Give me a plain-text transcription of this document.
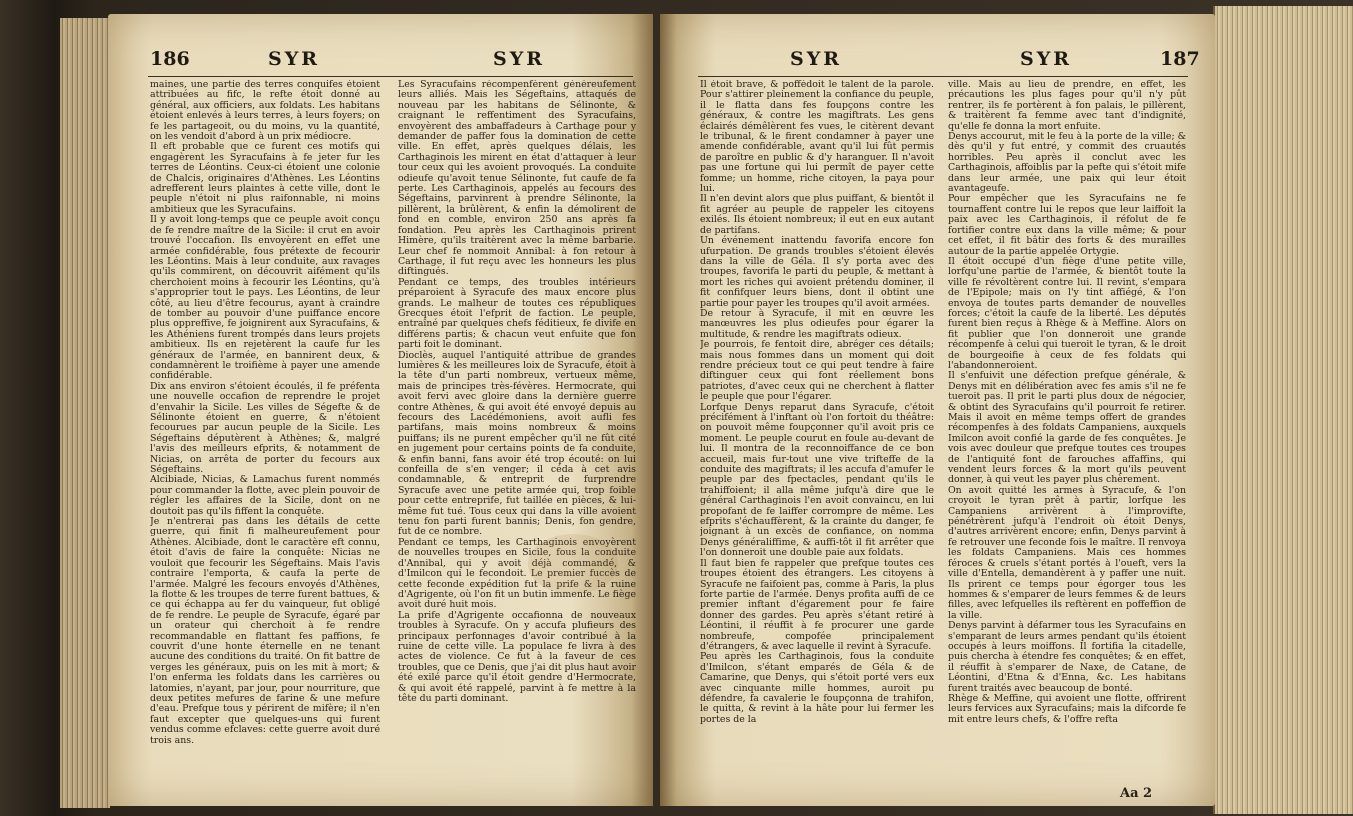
186	SYR	SYR
maines, une partie des terres conquifes étoient attribuées au fifc, le refte étoit donné au général, aux officiers, aux foldats. Les habitans étoient enlevés à leurs terres, à leurs foyers; on fe les partageoit, ou du moins, vu la quantité, on les vendoit d'abord à un prix médiocre.
Il eft probable que ce furent ces motifs qui engagèrent les Syracufains à fe jeter fur les terres de Léontins. Ceux-ci étoient une colonie de Chalcis, originaires d'Athènes. Les Léontins adrefferent leurs plaintes à cette ville, dont le peuple n'étoit ni plus raifonnable, ni moins ambitieux que les Syracufains.
Il y avoit long-temps que ce peuple avoit conçu de fe rendre maître de la Sicile: il crut en avoir trouvé l'occafion. Ils envoyèrent en effet une armée confidérable, fous prétexte de fecourir les Léontins. Mais à leur conduite, aux ravages qu'ils commirent, on découvrit aifément qu'ils cherchoient moins à fecourir les Léontins, qu'à s'approprier tout le pays. Les Léontins, de leur côté, au lieu d'être fecourus, ayant à craindre de tomber au pouvoir d'une puiffance encore plus oppreffive, fe joignirent aux Syracufains, & les Athéniens furent trompés dans leurs projets ambitieux. Ils en rejetèrent la caufe fur les généraux de l'armée, en bannirent deux, & condamnèrent le troifième à payer une amende confidérable.
Dix ans environ s'étoient écoulés, il fe préfenta une nouvelle occafion de reprendre le projet d'envahir la Sicile. Les villes de Ségefte & de Sélinonte étoient en guerre, & n'étoient fecourues par aucun peuple de la Sicile. Les Ségeftains députèrent à Athènes; &, malgré l'avis des meilleurs efprits, & notamment de Nicias, on arrêta de porter du fecours aux Ségeftains.
Alcibiade, Nicias, & Lamachus furent nommés pour commander la flotte, avec plein pouvoir de régler les affaires de la Sicile, dont on ne doutoit pas qu'ils fiffent la conquête.
Je n'entrerai pas dans les détails de cette guerre, qui finit fi malheureufement pour Athènes. Alcibiade, dont le caractère eft connu, étoit d'avis de faire la conquête: Nicias ne vouloit que fecourir les Ségeftains. Mais l'avis contraire l'emporta, & caufa la perte de l'armée. Malgré les fecours envoyés d'Athènes, la flotte & les troupes de terre furent battues, & ce qui échappa au fer du vainqueur, fut obligé de fe rendre. Le peuple de Syracufe, égaré par un orateur qui cherchoit à fe rendre recommandable en flattant fes paffions, fe couvrit d'une honte éternelle en ne tenant aucune des conditions du traité. On fit battre de verges les généraux, puis on les mit à mort; & l'on enferma les foldats dans les carrières ou latomies, n'ayant, par jour, pour nourriture, que deux petites mefures de farine & une mefure d'eau. Prefque tous y périrent de mifère; il n'en faut excepter que quelques-uns qui furent vendus comme efclaves: cette guerre avoit duré trois ans.
Les Syracufains récompenfèrent généreufement leurs alliés. Mais les Ségeftains, attaqués de nouveau par les habitans de Sélinonte, & craignant le reffentiment des Syracufains, envoyèrent des ambaffadeurs à Carthage pour y demander de paffer fous la domination de cette ville. En effet, après quelques délais, les Carthaginois les mirent en état d'attaquer à leur tour ceux qui les avoient provoqués. La conduite odieufe qu'avoit tenue Sélinonte, fut caufe de fa perte. Les Carthaginois, appelés au fecours des Ségeftains, parvinrent à prendre Sélinonte, la pillèrent, la brûlèrent, & enfin la démolirent de fond en comble, environ 250 ans après fa fondation. Peu après les Carthaginois prirent Himère, qu'ils traitèrent avec la même barbarie. Leur chef fe nommoit Annibal: à fon retour à Carthage, il fut reçu avec les honneurs les plus diftingués.
Pendant ce temps, des troubles intérieurs préparoient à Syracufe des maux encore plus grands. Le malheur de toutes ces républiques Grecques étoit l'efprit de faction. Le peuple, entraîné par quelques chefs féditieux, fe divife en différens partis; & chacun veut enfuite que fon parti foit le dominant.
Dioclès, auquel l'antiquité attribue de grandes lumières & les meilleures loix de Syracufe, étoit à la tête d'un parti nombreux, vertueux même, mais de principes très-févères. Hermocrate, qui avoit fervi avec gloire dans la dernière guerre contre Athènes, & qui avoit été envoyé depuis au fecours des Lacédémoniens, avoit aufli fes partifans, mais moins nombreux & moins puiffans; ils ne purent empêcher qu'il ne fût cité en jugement pour certains points de fa conduite, & enfin banni, fans avoir été trop écouté: on lui confeilla de s'en venger; il céda à cet avis condamnable, & entreprit de furprendre Syracufe avec une petite armée qui, trop foible pour cette entreprife, fut taillée en pièces, & lui-même fut tué. Tous ceux qui dans la ville avoient tenu fon parti furent bannis; Denis, fon gendre, fut de ce nombre.
Pendant ce temps, les Carthaginois envoyèrent de nouvelles troupes en Sicile, fous la conduite d'Annibal, qui y avoit déjà commandé, & d'Imilcon qui le fecondoit. Le premier fuccès de cette feconde expédition fut la prife & la ruine d'Agrigente, où l'on fit un butin immenfe. Le fiège avoit duré huit mois.
La prife d'Agrigente occafionna de nouveaux troubles à Syracufe. On y accufa plufieurs des principaux perfonnages d'avoir contribué à la ruine de cette ville. La populace fe livra à des actes de violence. Ce fut à la faveur de ces troubles, que ce Denis, que j'ai dit plus haut avoir été exilé parce qu'il étoit gendre d'Hermocrate, & qui avoit été rappelé, parvint à fe mettre à la tête du parti dominant.
SYR	SYR	187
Il étoit brave, & poffédoit le talent de la parole. Pour s'attirer pleinement la confiance du peuple, il le flatta dans fes foupçons contre les généraux, & contre les magiftrats. Les gens éclairés démêlèrent fes vues, le citèrent devant le tribunal, & le firent condamner à payer une amende confidérable, avant qu'il lui fût permis de paroître en public & d'y haranguer. Il n'avoit pas une fortune qui lui permît de payer cette fomme; un homme, riche citoyen, la paya pour lui.
Il n'en devint alors que plus puiffant, & bientôt il fit agréer au peuple de rappeler les citoyens exilés. Ils étoient nombreux; il eut en eux autant de partifans.
Un événement inattendu favorifa encore fon ufurpation. De grands troubles s'étoient élevés dans la ville de Géla. Il s'y porta avec des troupes, favorifa le parti du peuple, & mettant à mort les riches qui avoient prétendu dominer, il fit confifquer leurs biens, dont il obtint une partie pour payer les troupes qu'il avoit armées.
De retour à Syracufe, il mit en œuvre les manœuvres les plus odieufes pour égarer la multitude, & rendre les magiftrats odieux.
Je pourrois, fe fentoit dire, abréger ces détails; mais nous fommes dans un moment qui doit rendre précieux tout ce qui peut tendre à faire diftinguer ceux qui font réellement bons patriotes, d'avec ceux qui ne cherchent à flatter le peuple que pour l'égarer.
Lorfque Denys reparut dans Syracufe, c'étoit précifément à l'inftant où l'on fortoit du théâtre: on pouvoit même foupçonner qu'il avoit pris ce moment. Le peuple courut en foule au-devant de lui. Il montra de la reconnoiffance de ce bon accueil, mais fur-tout une vive trifteffe de la conduite des magiftrats; il les accufa d'amufer le peuple par des fpectacles, pendant qu'ils le trahiffoient; il alla même jufqu'à dire que le général Carthaginois l'en avoit convaincu, en lui propofant de fe laiffer corrompre de même. Les efprits s'échauffèrent, & la crainte du danger, fe joignant à un excès de confiance, on nomma Denys généraliffime, & auffi-tôt il fit arrêter que l'on donneroit une double paie aux foldats.
Il faut bien fe rappeler que prefque toutes ces troupes étoient des étrangers. Les citoyens à Syracufe ne faifoient pas, comme à Paris, la plus forte partie de l'armée. Denys profita auffi de ce premier inftant d'égarement pour fe faire donner des gardes. Peu après s'étant retiré à Léontini, il réuffit à fe procurer une garde nombreufe, compofée principalement d'étrangers, & avec laquelle il revint à Syracufe.
Peu après les Carthaginois, fous la conduite d'Imilcon, s'étant emparés de Géla & de Camarine, que Denys, qui s'étoit porté vers eux avec cinquante mille hommes, auroit pu défendre, fa cavalerie le foupçonna de trahifon, le quitta, & revint à la hâte pour lui fermer les portes de la
ville. Mais au lieu de prendre, en effet, les précautions les plus fages pour qu'il n'y pût rentrer, ils fe portèrent à fon palais, le pillèrent, & traitèrent fa femme avec tant d'indignité, qu'elle fe donna la mort enfuite.
Denys accourut, mit le feu à la porte de la ville; & dès qu'il y fut entré, y commit des cruautés horribles. Peu après il conclut avec les Carthaginois, affoiblis par la pefte qui s'étoit mife dans leur armée, une paix qui leur étoit avantageufe.
Pour empêcher que les Syracufains ne fe tournaffent contre lui le repos que leur laiffoit la paix avec les Carthaginois, il réfolut de fe fortifier contre eux dans la ville même; & pour cet effet, il fit bâtir des forts & des murailles autour de la partie appelée Ortygie.
Il étoit occupé d'un fiège d'une petite ville, lorfqu'une partie de l'armée, & bientôt toute la ville fe révoltèrent contre lui. Il revint, s'empara de l'Epipole; mais on l'y tint affiégé, & l'on envoya de toutes parts demander de nouvelles forces; c'étoit la caufe de la liberté. Les députés furent bien reçus à Rhège & à Meffine. Alors on fit publier que l'on donneroit une grande récompenfe à celui qui tueroit le tyran, & le droit de bourgeoifie à ceux de fes foldats qui l'abandonneroient.
Il s'enfuivit une défection prefque générale, & Denys mit en délibération avec fes amis s'il ne fe tueroit pas. Il prit le parti plus doux de négocier, & obtint des Syracufains qu'il pourroit fe retirer. Mais il avoit en même temps offert de grandes récompenfes à des foldats Campaniens, auxquels Imilcon avoit confié la garde de fes conquêtes. Je vois avec douleur que prefque toutes ces troupes de l'antiquité font de farouches affaffins, qui vendent leurs forces & la mort qu'ils peuvent donner, à qui veut les payer plus chèrement.
On avoit quitté les armes à Syracufe, & l'on croyoit le tyran prêt à partir, lorfque les Campaniens arrivèrent à l'improvifte, pénétrèrent jufqu'à l'endroit où étoit Denys, d'autres arrivèrent encore; enfin, Denys parvint à fe retrouver une feconde fois le maître. Il renvoya les foldats Campaniens. Mais ces hommes féroces & cruels s'étant portés à l'oueft, vers la ville d'Entella, demandèrent à y paffer une nuit. Ils prirent ce temps pour égorger tous les hommes & s'emparer de leurs femmes & de leurs filles, avec lefquelles ils reftèrent en poffeffion de la ville.
Denys parvint à défarmer tous les Syracufains en s'emparant de leurs armes pendant qu'ils étoient occupés à leurs moiffons. Il fortifia la citadelle, puis chercha à étendre fes conquêtes; & en effet, il réuffit à s'emparer de Naxe, de Catane, de Léontini, d'Etna & d'Enna, &c. Les habitans furent traités avec beaucoup de bonté.
Rhège & Meffine, qui avoient une flotte, offrirent leurs fervices aux Syracufains; mais la difcorde fe mit entre leurs chefs, & l'offre refta
Aa 2
